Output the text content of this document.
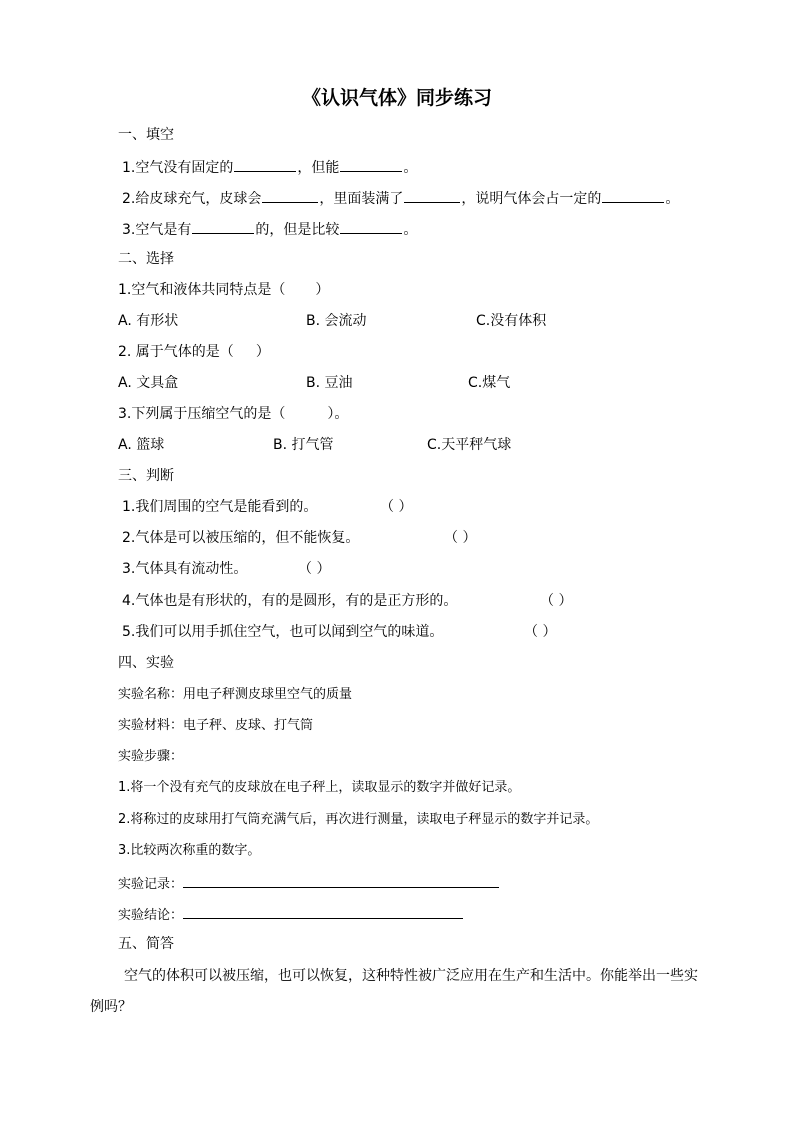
《认识气体》同步练习
一、填空
1.空气没有固定的	，但能	。
2.给皮球充气，皮球会	，里面装满了	，说明气体会占一定的	。
3.空气是有	的，但是比较	。
二、选择
1.空气和液体共同特点是（ ）
A. 有形状	B. 会流动	C.没有体积
2. 属于气体的是（ ）
A. 文具盒	B. 豆油	C.煤气
3.下列属于压缩空气的是（	）。
A. 篮球	B. 打气管	C.天平秤气球
三、判断
1.我们周围的空气是能看到的。	（ ）
2.气体是可以被压缩的，但不能恢复。	（ ）
3.气体具有流动性。	（ ）
4.气体也是有形状的，有的是圆形，有的是正方形的。	（ ）
5.我们可以用手抓住空气，也可以闻到空气的味道。	（ ）
四、实验
实验名称：用电子秤测皮球里空气的质量
实验材料：电子秤、皮球、打气筒
实验步骤：
1.将一个没有充气的皮球放在电子秤上，读取显示的数字并做好记录。
2.将称过的皮球用打气筒充满气后，再次进行测量，读取电子秤显示的数字并记录。
3.比较两次称重的数字。
实验记录：
实验结论：
五、简答
空气的体积可以被压缩，也可以恢复，这种特性被广泛应用在生产和生活中。你能举出一些实
例吗？
